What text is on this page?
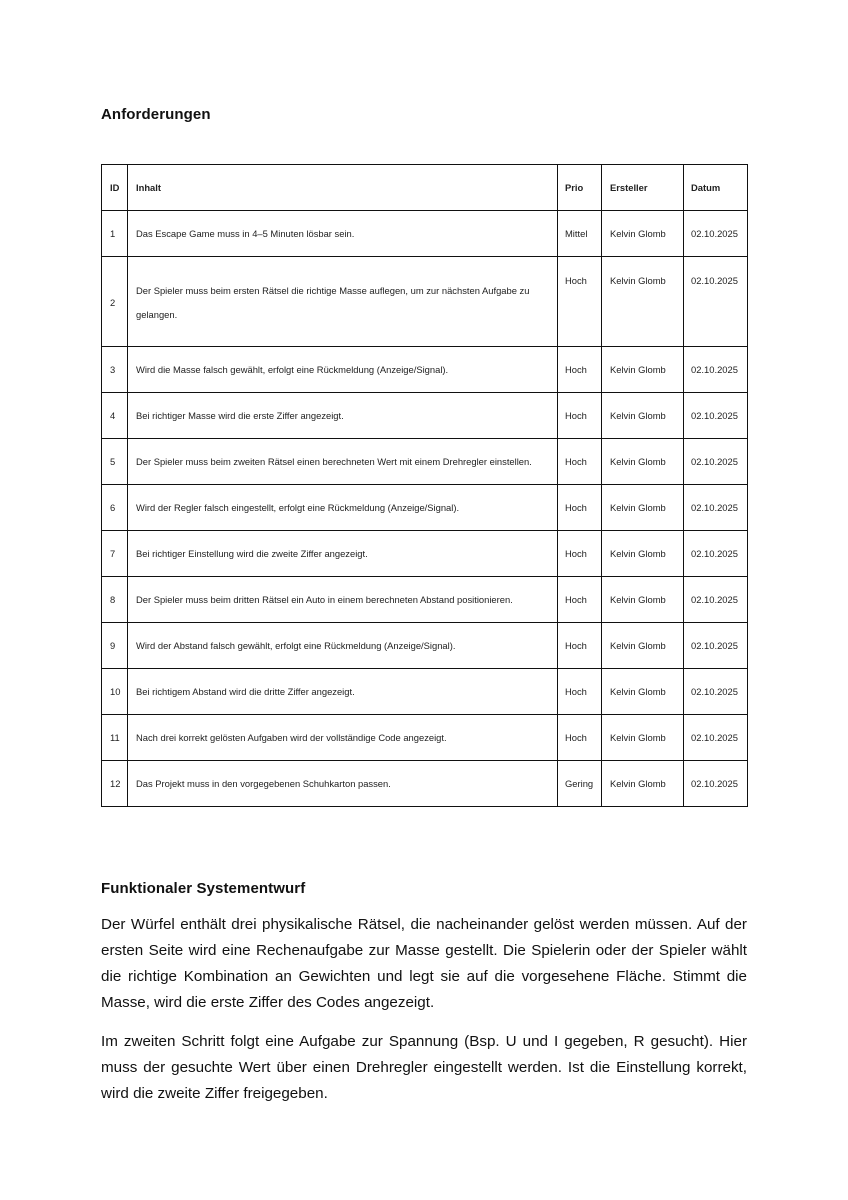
Anforderungen
ID	Inhalt	Prio	Ersteller	Datum
1	Das Escape Game muss in 4–5 Minuten lösbar sein.	Mittel	Kelvin Glomb	02.10.2025
2	Der Spieler muss beim ersten Rätsel die richtige Masse auflegen, um zur nächsten Aufgabe zu gelangen.	Hoch	Kelvin Glomb	02.10.2025
3	Wird die Masse falsch gewählt, erfolgt eine Rückmeldung (Anzeige/Signal).	Hoch	Kelvin Glomb	02.10.2025
4	Bei richtiger Masse wird die erste Ziffer angezeigt.	Hoch	Kelvin Glomb	02.10.2025
5	Der Spieler muss beim zweiten Rätsel einen berechneten Wert mit einem Drehregler einstellen.	Hoch	Kelvin Glomb	02.10.2025
6	Wird der Regler falsch eingestellt, erfolgt eine Rückmeldung (Anzeige/Signal).	Hoch	Kelvin Glomb	02.10.2025
7	Bei richtiger Einstellung wird die zweite Ziffer angezeigt.	Hoch	Kelvin Glomb	02.10.2025
8	Der Spieler muss beim dritten Rätsel ein Auto in einem berechneten Abstand positionieren.	Hoch	Kelvin Glomb	02.10.2025
9	Wird der Abstand falsch gewählt, erfolgt eine Rückmeldung (Anzeige/Signal).	Hoch	Kelvin Glomb	02.10.2025
10	Bei richtigem Abstand wird die dritte Ziffer angezeigt.	Hoch	Kelvin Glomb	02.10.2025
11	Nach drei korrekt gelösten Aufgaben wird der vollständige Code angezeigt.	Hoch	Kelvin Glomb	02.10.2025
12	Das Projekt muss in den vorgegebenen Schuhkarton passen.	Gering	Kelvin Glomb	02.10.2025
Funktionaler Systementwurf

Der Würfel enthält drei physikalische Rätsel, die nacheinander gelöst werden müssen. Auf der ersten Seite wird eine Rechenaufgabe zur Masse gestellt. Die Spielerin oder der Spieler wählt die richtige Kombination an Gewichten und legt sie auf die vorgesehene Fläche. Stimmt die Masse, wird die erste Ziffer des Codes angezeigt.

Im zweiten Schritt folgt eine Aufgabe zur Spannung (Bsp. U und I gegeben, R gesucht). Hier muss der gesuchte Wert über einen Drehregler eingestellt werden. Ist die Einstellung korrekt, wird die zweite Ziffer freigegeben.
